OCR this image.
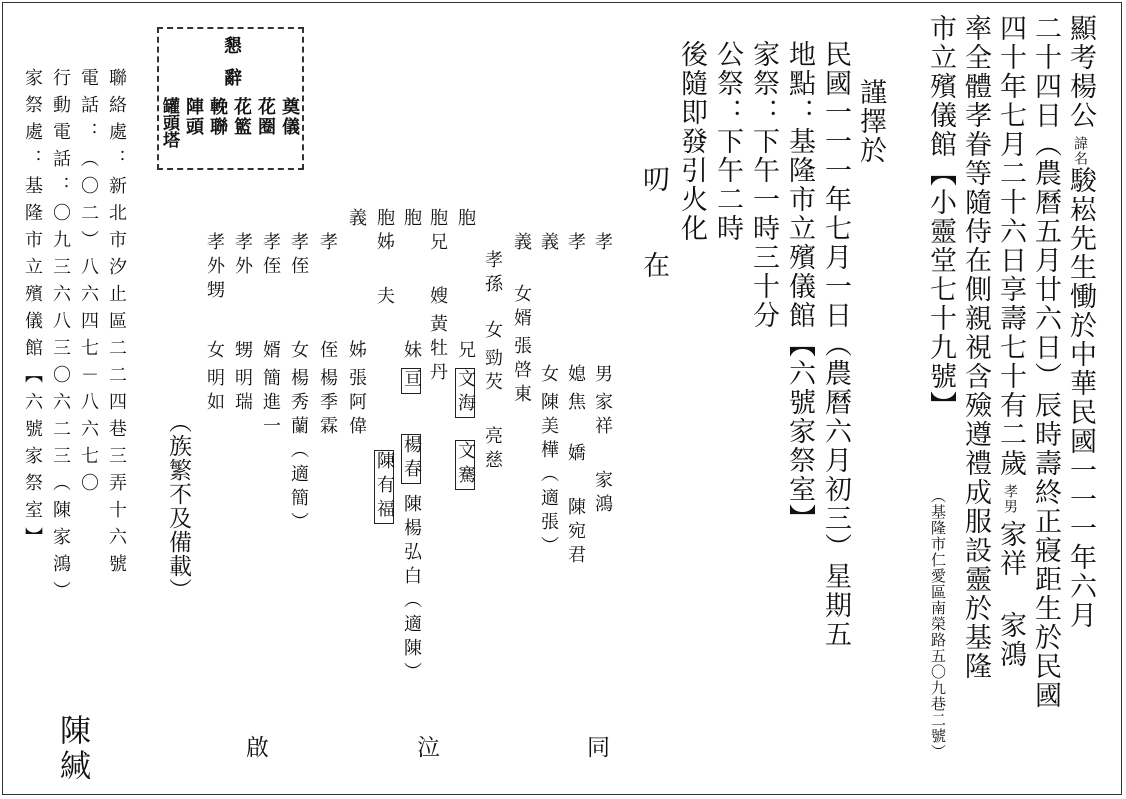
顯考楊公諱名駿崧先生慟於中華民國一一一年六月
二十四日（農曆五月廿六日）辰時壽終正寢距生於民國
四十年七月二十六日享壽七十有二歲孝男家祥 家鴻
率全體孝眷等隨侍在側親視含殮遵禮成服設靈於基隆
市立殯儀館【小靈堂七十九號】
（基隆市仁愛區南榮路五〇九巷二號）
謹擇於
民國一一一年七月一日（農曆六月初三）星期五
地點：基隆市立殯儀館【六號家祭室】
家祭：下午一時三十分
公祭：下午二時
後隨即發引火化
叨 在
孝男家祥家鴻
孝媳焦 嬌陳宛君
義女陳美樺（適張）
義女婿張啓東
孝孫女勁芡亮慈
胞兄文海文騫
胞兄嫂黃牡丹
胞妹亘楊春陳楊弘白（適陳）
胞姊夫陳有福
義姊張阿偉
孝侄楊季霖
孝侄女楊秀蘭（適簡）
孝侄婿簡進一
孝外甥明瑞
孝外甥女明如
（族繁不及備載）
同
泣
啟
懇辭
奠儀
花圈
花籃
輓聯
陣頭
罐頭塔
聯絡處：新北市汐止區二二四巷三弄十六號
電話：（〇二）八六四七－八六七〇
行動電話：〇九三六八三〇六二三（陳家鴻）
家祭處：基隆市立殯儀館【六號家祭室】
陳緘
